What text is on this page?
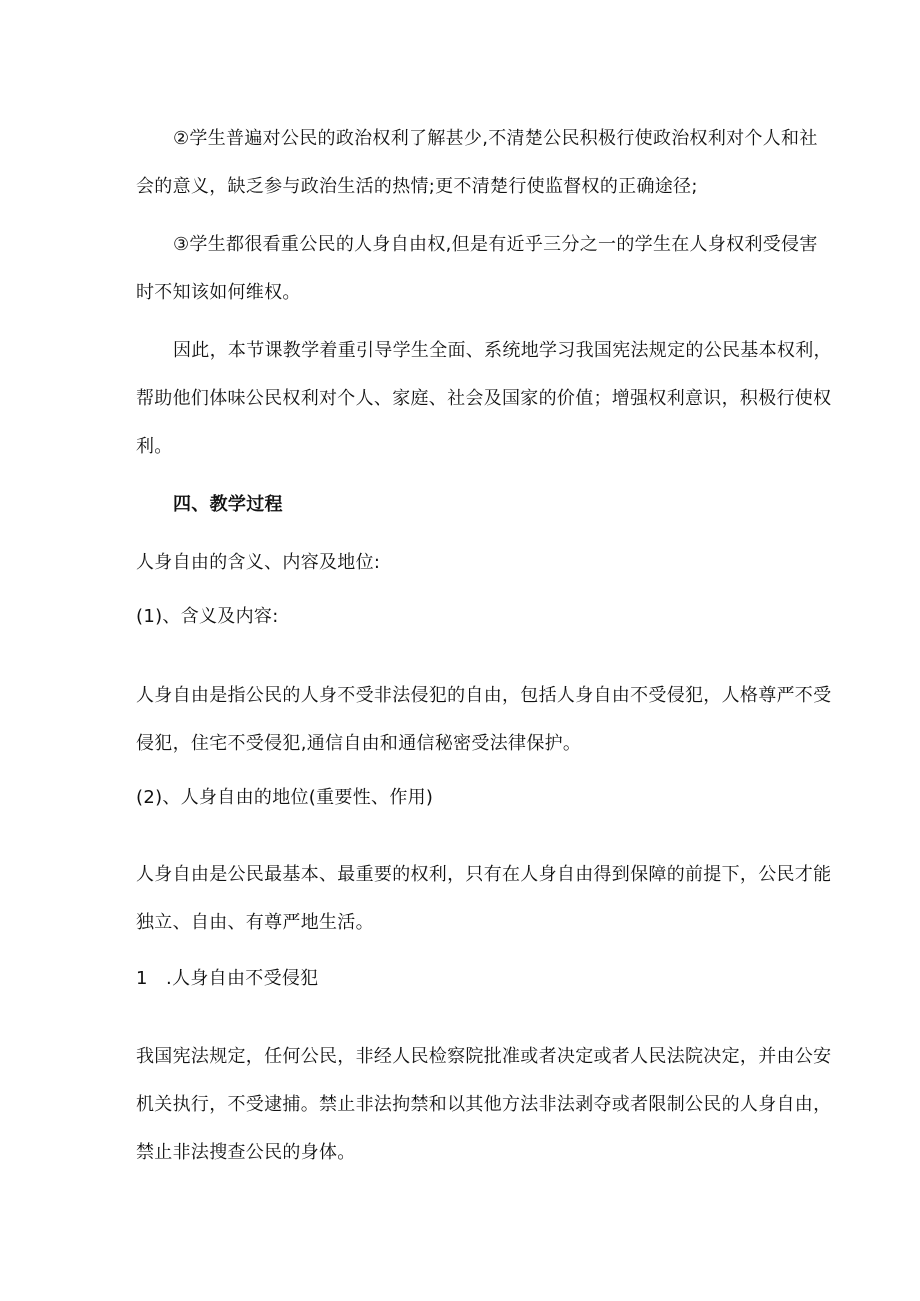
②学生普遍对公民的政治权利了解甚少,不清楚公民积极行使政治权利对个人和社
会的意义，缺乏参与政治生活的热情;更不清楚行使监督权的正确途径;
③学生都很看重公民的人身自由权,但是有近乎三分之一的学生在人身权利受侵害
时不知该如何维权。
因此，本节课教学着重引导学生全面、系统地学习我国宪法规定的公民基本权利，
帮助他们体味公民权利对个人、家庭、社会及国家的价值；增强权利意识，积极行使权
利。
四、教学过程
人身自由的含义、内容及地位:
(1)、含义及内容:
人身自由是指公民的人身不受非法侵犯的自由，包括人身自由不受侵犯，人格尊严不受
侵犯，住宅不受侵犯,通信自由和通信秘密受法律保护。
(2)、人身自由的地位(重要性、作用)
人身自由是公民最基本、最重要的权利，只有在人身自由得到保障的前提下，公民才能
独立、自由、有尊严地生活。
1　.人身自由不受侵犯
我国宪法规定，任何公民，非经人民检察院批准或者决定或者人民法院决定，并由公安
机关执行，不受逮捕。禁止非法拘禁和以其他方法非法剥夺或者限制公民的人身自由，
禁止非法搜查公民的身体。
